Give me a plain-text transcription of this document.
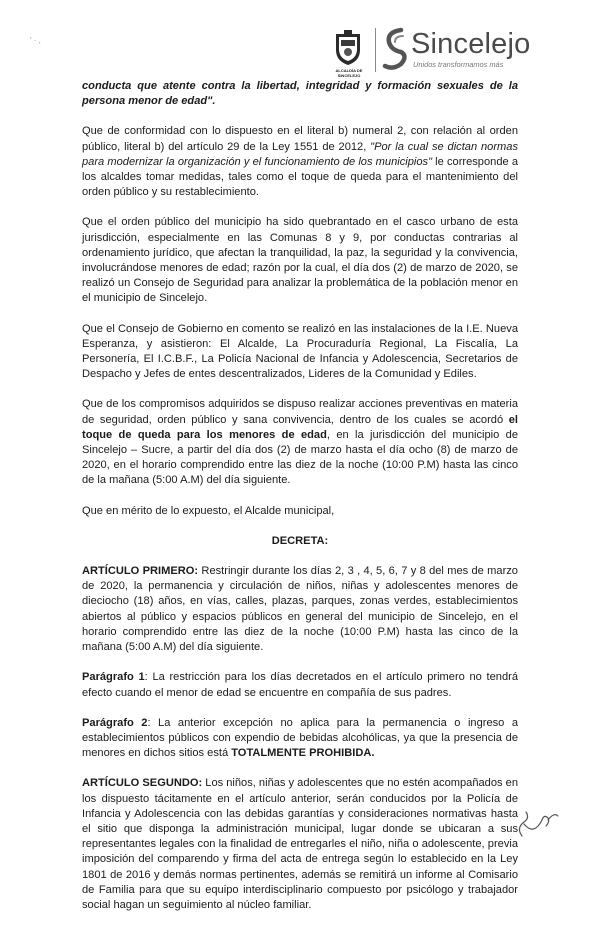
' · ,
ALCALDÍA DE SINCELEJO
Sincelejo
Unidos transformamos más

conducta que atente contra la libertad, integridad y formación sexuales de la persona menor de edad".

Que de conformidad con lo dispuesto en el literal b) numeral 2, con relación al orden público, literal b) del artículo 29 de la Ley 1551 de 2012, "Por la cual se dictan normas para modernizar la organización y el funcionamiento de los municipios" le corresponde a los alcaldes tomar medidas, tales como el toque de queda para el mantenimiento del orden público y su restablecimiento.

Que el orden público del municipio ha sido quebrantado en el casco urbano de esta jurisdicción, especialmente en las Comunas 8 y 9, por conductas contrarias al ordenamiento jurídico, que afectan la tranquilidad, la paz, la seguridad y la convivencia, involucrándose menores de edad; razón por la cual, el día dos (2) de marzo de 2020, se realizó un Consejo de Seguridad para analizar la problemática de la población menor en el municipio de Sincelejo.

Que el Consejo de Gobierno en comento se realizó en las instalaciones de la I.E. Nueva Esperanza, y asistieron: El Alcalde, La Procuraduría Regional, La Fiscalía, La Personería, El I.C.B.F., La Policía Nacional de Infancia y Adolescencia, Secretarios de Despacho y Jefes de entes descentralizados, Lideres de la Comunidad y Ediles.

Que de los compromisos adquiridos se dispuso realizar acciones preventivas en materia de seguridad, orden público y sana convivencia, dentro de los cuales se acordó el toque de queda para los menores de edad, en la jurisdicción del municipio de Sincelejo – Sucre, a partir del día dos (2) de marzo hasta el día ocho (8) de marzo de 2020, en el horario comprendido entre las diez de la noche (10:00 P.M) hasta las cinco de la mañana (5:00 A.M) del día siguiente.

Que en mérito de lo expuesto, el Alcalde municipal,

DECRETA:

ARTÍCULO PRIMERO: Restringir durante los días 2, 3 , 4, 5, 6, 7 y 8 del mes de marzo de 2020, la permanencia y circulación de niños, niñas y adolescentes menores de dieciocho (18) años, en vías, calles, plazas, parques, zonas verdes, establecimientos abiertos al público y espacios públicos en general del municipio de Sincelejo, en el horario comprendido entre las diez de la noche (10:00 P.M) hasta las cinco de la mañana (5:00 A.M) del día siguiente.

Parágrafo 1: La restricción para los días decretados en el artículo primero no tendrá efecto cuando el menor de edad se encuentre en compañía de sus padres.

Parágrafo 2: La anterior excepción no aplica para la permanencia o ingreso a establecimientos públicos con expendio de bebidas alcohólicas, ya que la presencia de menores en dichos sitios está TOTALMENTE PROHIBIDA.

ARTÍCULO SEGUNDO: Los niños, niñas y adolescentes que no estén acompañados en los dispuesto tácitamente en el artículo anterior, serán conducidos por la Policía de Infancia y Adolescencia con las debidas garantías y consideraciones normativas hasta el sitio que disponga la administración municipal, lugar donde se ubicaran a sus representantes legales con la finalidad de entregarles el niño, niña o adolescente, previa imposición del comparendo y firma del acta de entrega según lo establecido en la Ley 1801 de 2016 y demás normas pertinentes, además se remitirá un informe al Comisario de Familia para que su equipo interdisciplinario compuesto por psicólogo y trabajador social hagan un seguimiento al núcleo familiar.
